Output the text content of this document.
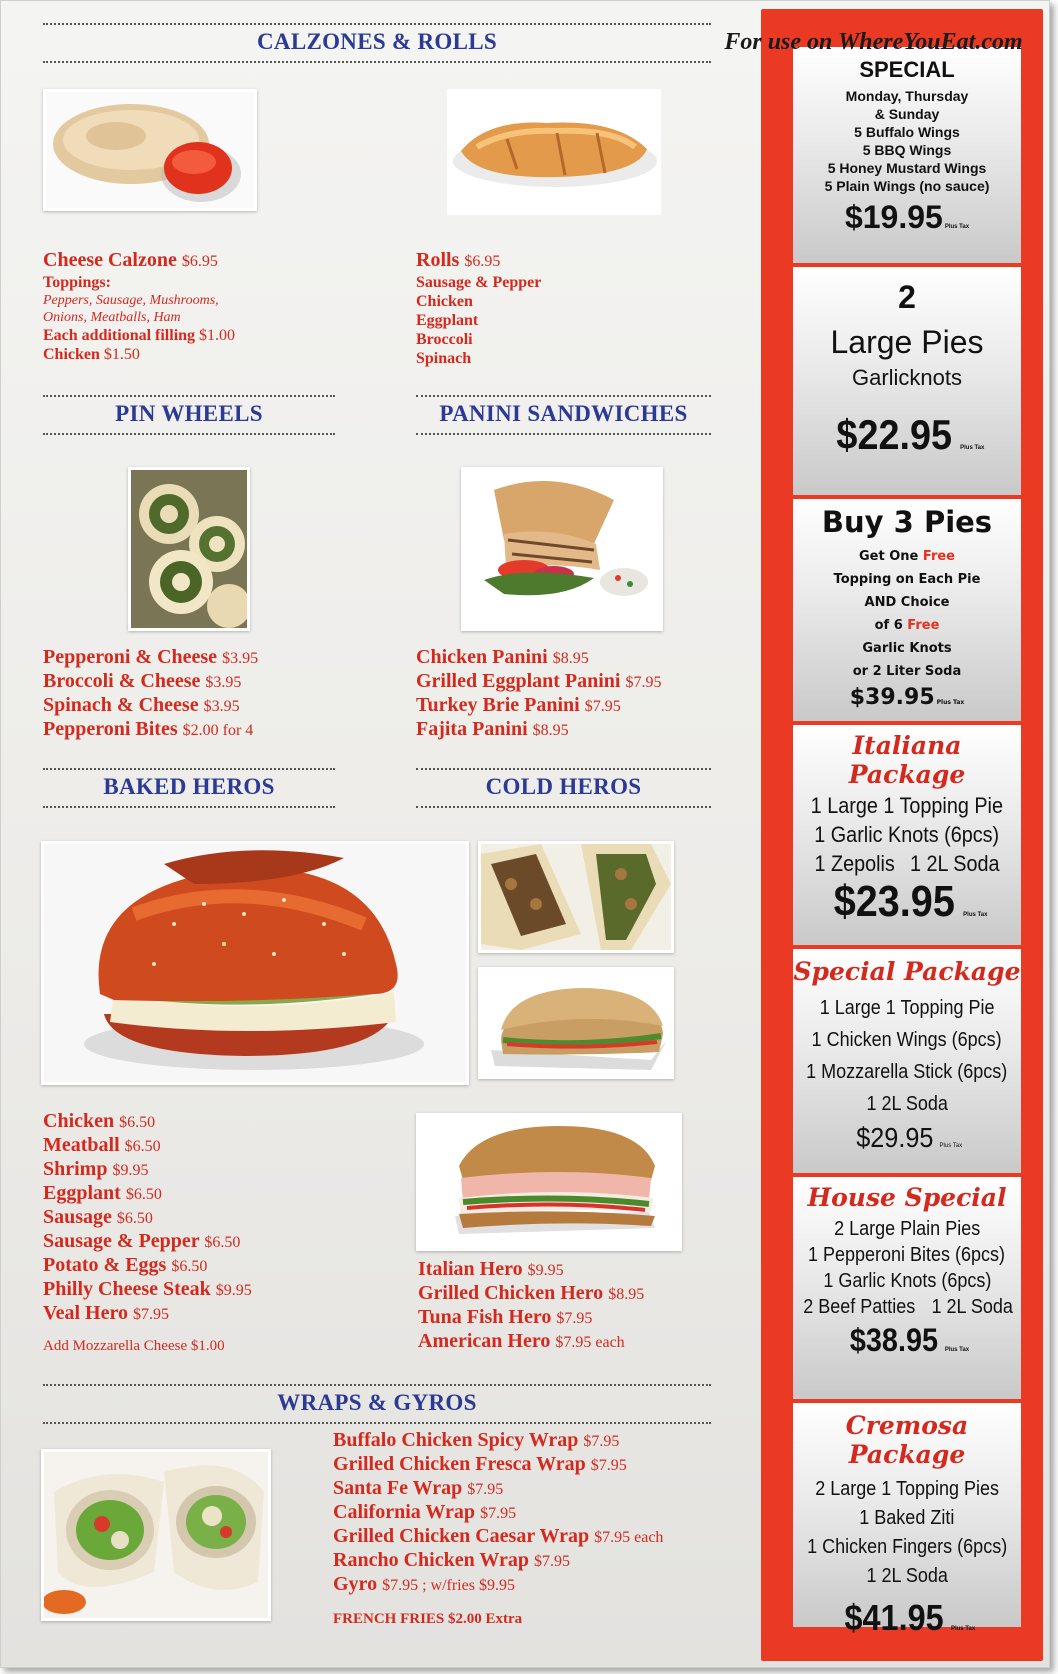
For use on WhereYouEat.com
CALZONES & ROLLS
Cheese Calzone $6.95
Toppings:
Peppers, Sausage, Mushrooms,
Onions, Meatballs, Ham
Each additional filling $1.00
Chicken $1.50
Rolls $6.95
Sausage & Pepper
Chicken
Eggplant
Broccoli
Spinach
PIN WHEELS	PANINI SANDWICHES
Pepperoni & Cheese $3.95
Broccoli & Cheese $3.95
Spinach & Cheese $3.95
Pepperoni Bites $2.00 for 4
Chicken Panini $8.95
Grilled Eggplant Panini $7.95
Turkey Brie Panini $7.95
Fajita Panini $8.95
BAKED HEROS	COLD HEROS
Chicken $6.50
Meatball $6.50
Shrimp $9.95
Eggplant $6.50
Sausage $6.50
Sausage & Pepper $6.50
Potato & Eggs $6.50
Philly Cheese Steak $9.95
Veal Hero $7.95
Add Mozzarella Cheese $1.00
Italian Hero $9.95
Grilled Chicken Hero $8.95
Tuna Fish Hero $7.95
American Hero $7.95 each
WRAPS & GYROS
Buffalo Chicken Spicy Wrap $7.95
Grilled Chicken Fresca Wrap $7.95
Santa Fe Wrap $7.95
California Wrap $7.95
Grilled Chicken Caesar Wrap $7.95 each
Rancho Chicken Wrap $7.95
Gyro $7.95 ; w/fries $9.95
FRENCH FRIES $2.00 Extra
SPECIAL
Monday, Thursday
& Sunday
5 Buffalo Wings
5 BBQ Wings
5 Honey Mustard Wings
5 Plain Wings (no sauce)
$19.95 Plus Tax
2
Large Pies
Garlicknots
$22.95 Plus Tax
Buy 3 Pies
Get One Free
Topping on Each Pie
AND Choice
of 6 Free
Garlic Knots
or 2 Liter Soda
$39.95 Plus Tax
Italiana Package
1 Large 1 Topping Pie 1 Garlic Knots (6pcs) 1 Zepolis 1 2L Soda
$23.95 Plus Tax
Special Package
1 Large 1 Topping Pie 1 Chicken Wings (6pcs) 1 Mozzarella Stick (6pcs) 1 2L Soda
$29.95 Plus Tax
House Special
2 Large Plain Pies 1 Pepperoni Bites (6pcs) 1 Garlic Knots (6pcs) 2 Beef Patties 1 2L Soda
$38.95 Plus Tax
Cremosa Package
2 Large 1 Topping Pies 1 Baked Ziti 1 Chicken Fingers (6pcs) 1 2L Soda
$41.95 Plus Tax
